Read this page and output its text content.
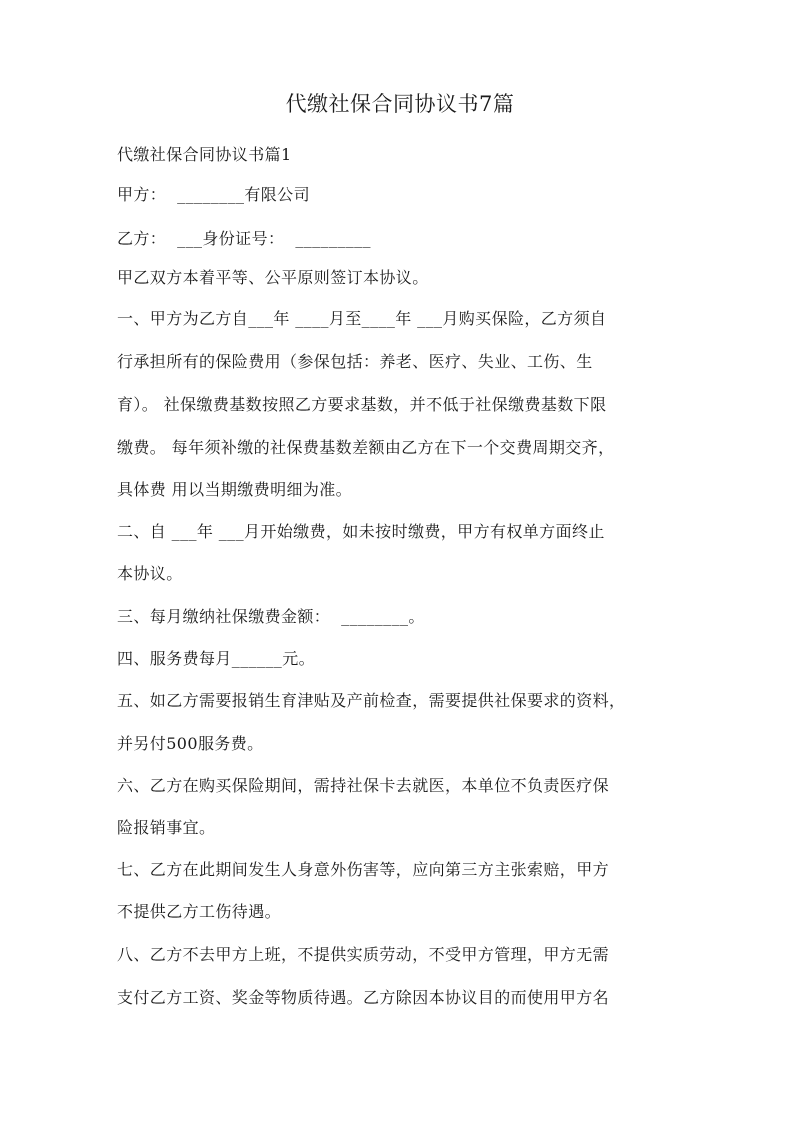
代缴社保合同协议书7篇
代缴社保合同协议书篇1
甲方：  ________有限公司
乙方：  ___身份证号：  _________
甲乙双方本着平等、公平原则签订本协议。
一、甲方为乙方自___年 ____月至____年 ___月购买保险，乙方须自
行承担所有的保险费用（参保包括：养老、医疗、失业、工伤、生
育）。 社保缴费基数按照乙方要求基数，并不低于社保缴费基数下限
缴费。 每年须补缴的社保费基数差额由乙方在下一个交费周期交齐，
具体费 用以当期缴费明细为准。
二、自 ___年 ___月开始缴费，如未按时缴费，甲方有权单方面终止
本协议。
三、每月缴纳社保缴费金额：  ________。
四、服务费每月______元。
五、如乙方需要报销生育津贴及产前检查，需要提供社保要求的资料，
并另付500服务费。
六、乙方在购买保险期间，需持社保卡去就医，本单位不负责医疗保
险报销事宜。
七、乙方在此期间发生人身意外伤害等，应向第三方主张索赔，甲方
不提供乙方工伤待遇。
八、乙方不去甲方上班，不提供实质劳动，不受甲方管理，甲方无需
支付乙方工资、奖金等物质待遇。乙方除因本协议目的而使用甲方名
